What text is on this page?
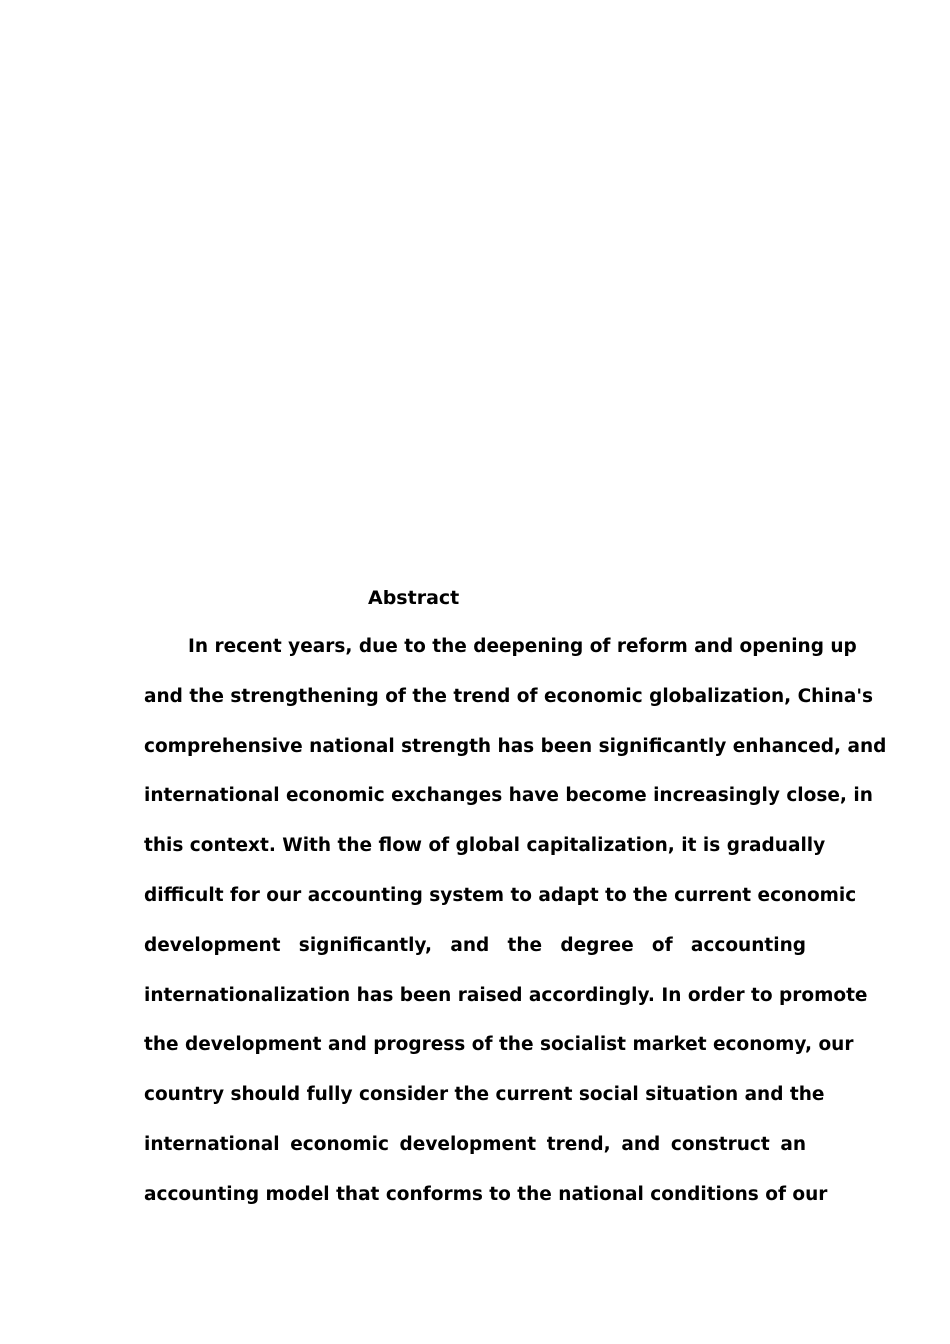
Abstract
In recent years, due to the deepening of reform and opening up
and the strengthening of the trend of economic globalization, China's
comprehensive national strength has been significantly enhanced, and
international economic exchanges have become increasingly close, in
this context. With the flow of global capitalization, it is gradually
difficult for our accounting system to adapt to the current economic
development significantly, and the degree of accounting
internationalization has been raised accordingly. In order to promote
the development and progress of the socialist market economy, our
country should fully consider the current social situation and the
international economic development trend, and construct an
accounting model that conforms to the national conditions of our
